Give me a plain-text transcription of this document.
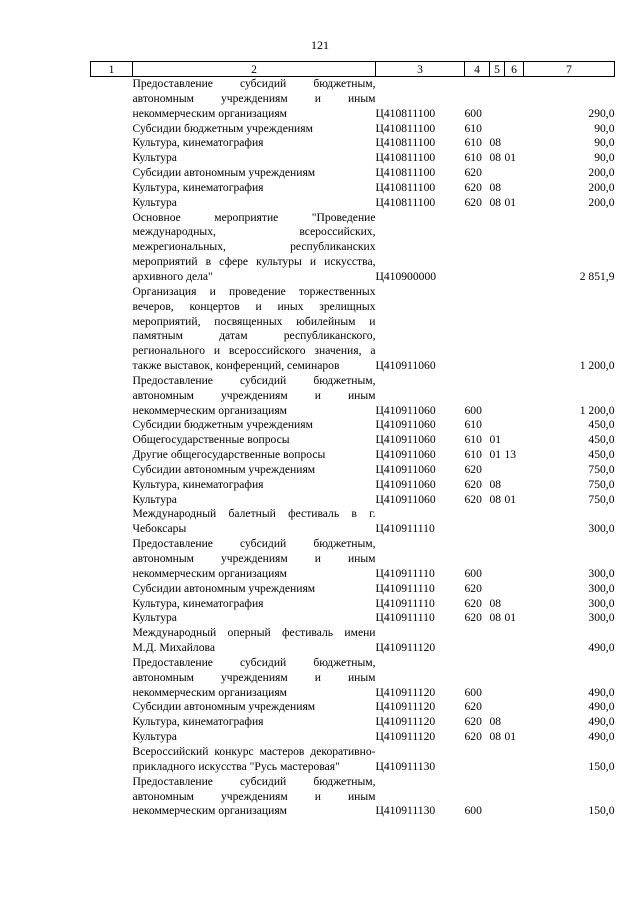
121
1	2	3	4	5	6	7
	Предоставление субсидий бюджетным, автономным учреждениям и иным некоммерческим организациям	Ц410811100	600			290,0
	Субсидии бюджетным учреждениям	Ц410811100	610			90,0
	Культура, кинематография	Ц410811100	610	08		90,0
	Культура	Ц410811100	610	08	01	90,0
	Субсидии автономным учреждениям	Ц410811100	620			200,0
	Культура, кинематография	Ц410811100	620	08		200,0
	Культура	Ц410811100	620	08	01	200,0
	Основное мероприятие "Проведение международных, всероссийских, межрегиональных, республиканских мероприятий в сфере культуры и искусства, архивного дела"	Ц410900000				2 851,9
	Организация и проведение торжественных вечеров, концертов и иных зрелищных мероприятий, посвященных юбилейным и памятным датам республиканского, регионального и всероссийского значения, а также выставок, конференций, семинаров	Ц410911060				1 200,0
	Предоставление субсидий бюджетным, автономным учреждениям и иным некоммерческим организациям	Ц410911060	600			1 200,0
	Субсидии бюджетным учреждениям	Ц410911060	610			450,0
	Общегосударственные вопросы	Ц410911060	610	01		450,0
	Другие общегосударственные вопросы	Ц410911060	610	01	13	450,0
	Субсидии автономным учреждениям	Ц410911060	620			750,0
	Культура, кинематография	Ц410911060	620	08		750,0
	Культура	Ц410911060	620	08	01	750,0
	Международный балетный фестиваль в г. Чебоксары	Ц410911110				300,0
	Предоставление субсидий бюджетным, автономным учреждениям и иным некоммерческим организациям	Ц410911110	600			300,0
	Субсидии автономным учреждениям	Ц410911110	620			300,0
	Культура, кинематография	Ц410911110	620	08		300,0
	Культура	Ц410911110	620	08	01	300,0
	Международный оперный фестиваль имени М.Д. Михайлова	Ц410911120				490,0
	Предоставление субсидий бюджетным, автономным учреждениям и иным некоммерческим организациям	Ц410911120	600			490,0
	Субсидии автономным учреждениям	Ц410911120	620			490,0
	Культура, кинематография	Ц410911120	620	08		490,0
	Культура	Ц410911120	620	08	01	490,0
	Всероссийский конкурс мастеров декоративно-прикладного искусства "Русь мастеровая"	Ц410911130				150,0
	Предоставление субсидий бюджетным, автономным учреждениям и иным некоммерческим организациям	Ц410911130	600			150,0
